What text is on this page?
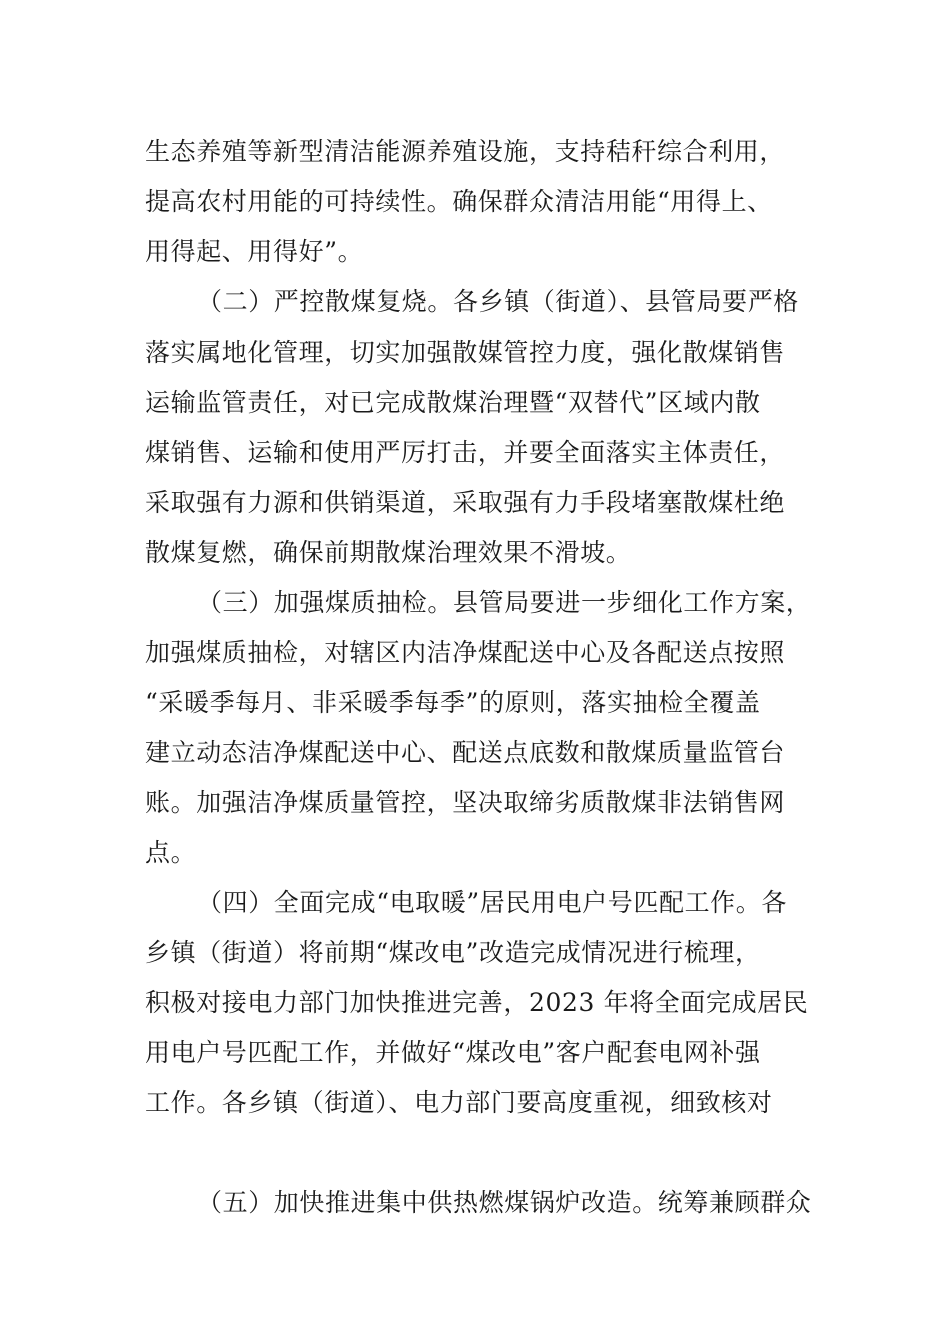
生态养殖等新型清洁能源养殖设施，支持秸秆综合利用，
提高农村用能的可持续性。确保群众清洁用能“用得上、
用得起、用得好”。
（二）严控散煤复烧。各乡镇（街道）、县管局要严格
落实属地化管理，切实加强散媒管控力度，强化散煤销售
运输监管责任，对已完成散煤治理暨“双替代”区域内散
煤销售、运输和使用严厉打击，并要全面落实主体责任，
采取强有力源和供销渠道，采取强有力手段堵塞散煤杜绝
散煤复燃，确保前期散煤治理效果不滑坡。
（三）加强煤质抽检。县管局要进一步细化工作方案，
加强煤质抽检，对辖区内洁净煤配送中心及各配送点按照
“采暖季每月、非采暖季每季”的原则，落实抽检全覆盖
建立动态洁净煤配送中心、配送点底数和散煤质量监管台
账。加强洁净煤质量管控，坚决取缔劣质散煤非法销售网
点。
（四）全面完成“电取暖”居民用电户号匹配工作。各
乡镇（街道）将前期“煤改电”改造完成情况进行梳理，
积极对接电力部门加快推进完善，2023 年将全面完成居民
用电户号匹配工作，并做好“煤改电”客户配套电网补强
工作。各乡镇（街道）、电力部门要高度重视，细致核对
（五）加快推进集中供热燃煤锅炉改造。统筹兼顾群众
